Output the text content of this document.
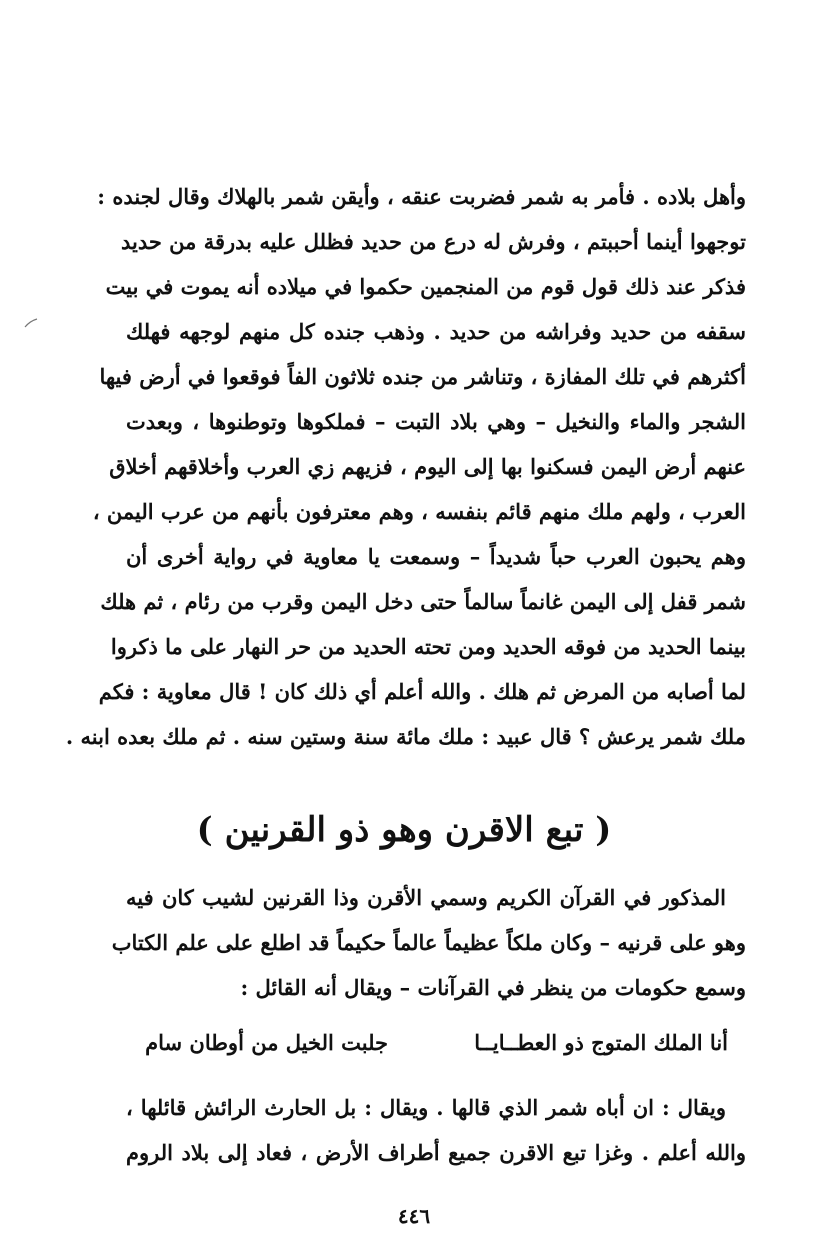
وأهل بلاده . فأمر به شمر فضربت عنقه ، وأيقن شمر بالهلاك وقال لجنده :
توجهوا أينما أحببتم ، وفرش له درع من حديد فظلل عليه بدرقة من حديد
فذكر عند ذلك قول قوم من المنجمين حكموا في ميلاده أنه يموت في بيت
سقفه من حديد وفراشه من حديد . وذهب جنده كل منهم لوجهه فهلك
أكثرهم في تلك المفازة ، وتناشر من جنده ثلاثون الفاً فوقعوا في أرض فيها
الشجر والماء والنخيل – وهي بلاد التبت – فملكوها وتوطنوها ، وبعدت
عنهم أرض اليمن فسكنوا بها إلى اليوم ، فزيهم زي العرب وأخلاقهم أخلاق
العرب ، ولهم ملك منهم قائم بنفسه ، وهم معترفون بأنهم من عرب اليمن ،
وهم يحبون العرب حباً شديداً – وسمعت يا معاوية في رواية أخرى أن
شمر قفل إلى اليمن غانماً سالماً حتى دخل اليمن وقرب من رئام ، ثم هلك
بينما الحديد من فوقه الحديد ومن تحته الحديد من حر النهار على ما ذكروا
لما أصابه من المرض ثم هلك . والله أعلم أي ذلك كان ! قال معاوية : فكم
ملك شمر يرعش ؟ قال عبيد : ملك مائة سنة وستين سنه . ثم ملك بعده ابنه .
( تبع الاقرن وهو ذو القرنين )
المذكور في القرآن الكريم وسمي الأقرن وذا القرنين لشيب كان فيه
وهو على قرنيه – وكان ملكاً عظيماً عالماً حكيماً قد اطلع على علم الكتاب
وسمع حكومات من ينظر في القرآنات – ويقال أنه القائل :
أنا الملك المتوج ذو العطــايــا
جلبت الخيل من أوطان سام
ويقال : ان أباه شمر الذي قالها . ويقال : بل الحارث الرائش قائلها ،
والله أعلم . وغزا تبع الاقرن جميع أطراف الأرض ، فعاد إلى بلاد الروم
٤٤٦
